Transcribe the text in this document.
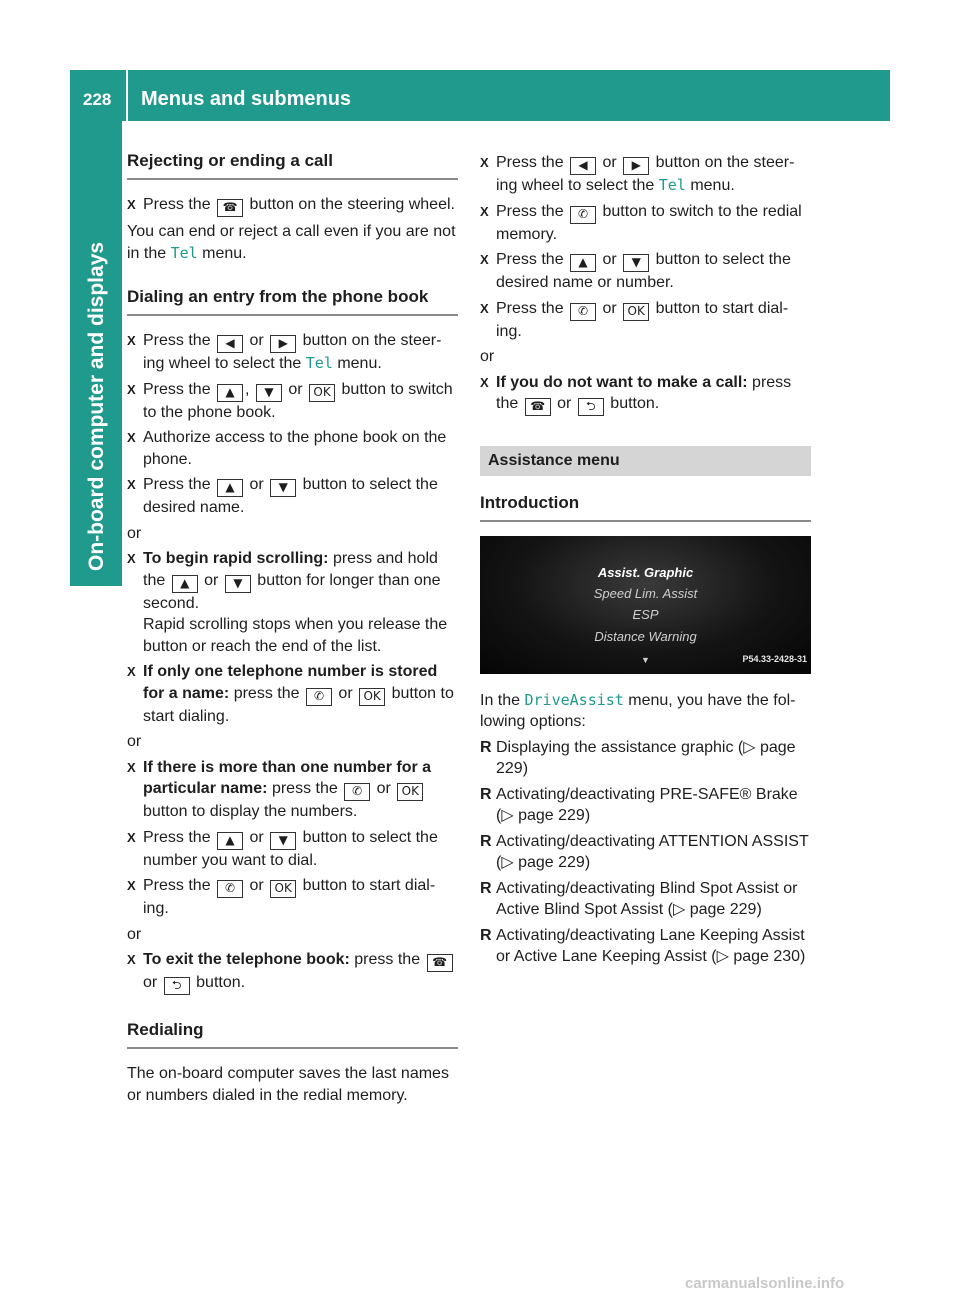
228	Menus and submenus
On-board computer and displays
Rejecting or ending a call
X Press the ☎ button on the steering wheel.

You can end or reject a call even if you are not in the Tel menu.

Dialing an entry from the phone book
X Press the ◀ or ▶ button on the steer- ing wheel to select the Tel menu.
X Press the ▲ , ▼ or OK button to switch to the phone book.
X Authorize access to the phone book on the phone.
X Press the ▲ or ▼ button to select the desired name.

or

X To begin rapid scrolling: press and hold the ▲ or ▼ button for longer than one second.
Rapid scrolling stops when you release the button or reach the end of the list.
X If only one telephone number is stored for a name: press the ✆ or OK button to start dialing.

or

X If there is more than one number for a particular name: press the ✆ or OK button to display the numbers.
X Press the ▲ or ▼ button to select the number you want to dial.
X Press the ✆ or OK button to start dial- ing.

or

X To exit the telephone book: press the ☎ or ⮌ button.
Redialing

The on-board computer saves the last names or numbers dialed in the redial memory.

X Press the ◀ or ▶ button on the steer- ing wheel to select the Tel menu.
X Press the ✆ button to switch to the redial memory.
X Press the ▲ or ▼ button to select the desired name or number.
X Press the ✆ or OK button to start dial- ing.

or

X If you do not want to make a call: press the ☎ or ⮌ button.
Assistance menu
Introduction
Assist. Graphic
Speed Lim. Assist
ESP
Distance Warning
▼	P54.33-2428-31

In the DriveAssist menu, you have the fol- lowing options:

R Displaying the assistance graphic (▷ page 229)
R Activating/deactivating PRE-SAFE® Brake (▷ page 229)
R Activating/deactivating ATTENTION ASSIST (▷ page 229)
R Activating/deactivating Blind Spot Assist or Active Blind Spot Assist (▷ page 229)
R Activating/deactivating Lane Keeping Assist or Active Lane Keeping Assist (▷ page 230)
carmanualsonline.info
